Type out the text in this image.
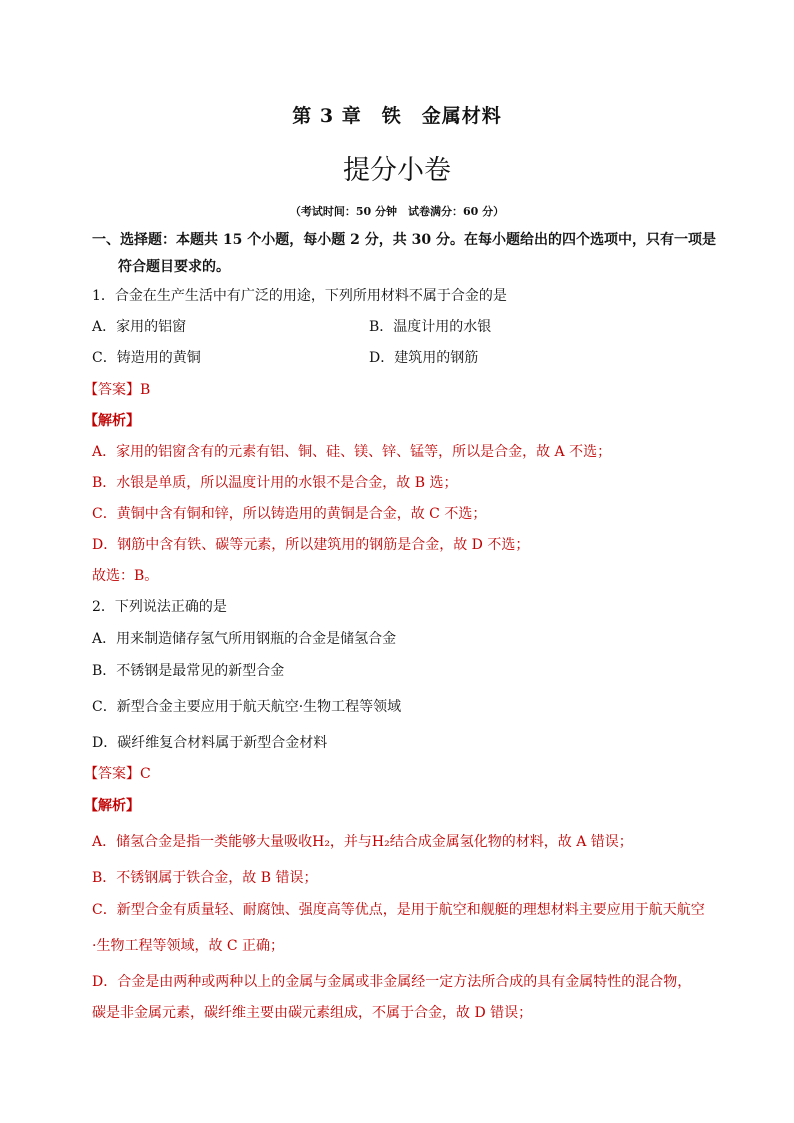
第 3 章　铁　金属材料
提分小卷
（考试时间：50 分钟　试卷满分：60 分）
一、选择题：本题共 15 个小题，每小题 2 分，共 30 分。在每小题给出的四个选项中，只有一项是
符合题目要求的。
1．合金在生产生活中有广泛的用途，下列所用材料不属于合金的是
A．家用的铝窗	B．温度计用的水银
C．铸造用的黄铜	D．建筑用的钢筋
【答案】B
【解析】
A．家用的铝窗含有的元素有铝、铜、硅、镁、锌、锰等，所以是合金，故 A 不选；
B．水银是单质，所以温度计用的水银不是合金，故 B 选；
C．黄铜中含有铜和锌，所以铸造用的黄铜是合金，故 C 不选；
D．钢筋中含有铁、碳等元素，所以建筑用的钢筋是合金，故 D 不选；
故选：B。
2．下列说法正确的是
A．用来制造储存氢气所用钢瓶的合金是储氢合金
B．不锈钢是最常见的新型合金
C．新型合金主要应用于航天航空·生物工程等领域
D．碳纤维复合材料属于新型合金材料
【答案】C
【解析】
A．储氢合金是指一类能够大量吸收H₂，并与H₂结合成金属氢化物的材料，故 A 错误；
B．不锈钢属于铁合金，故 B 错误；
C．新型合金有质量轻、耐腐蚀、强度高等优点，是用于航空和舰艇的理想材料主要应用于航天航空
·生物工程等领域，故 C 正确；
D．合金是由两种或两种以上的金属与金属或非金属经一定方法所合成的具有金属特性的混合物，
碳是非金属元素，碳纤维主要由碳元素组成，不属于合金，故 D 错误；
